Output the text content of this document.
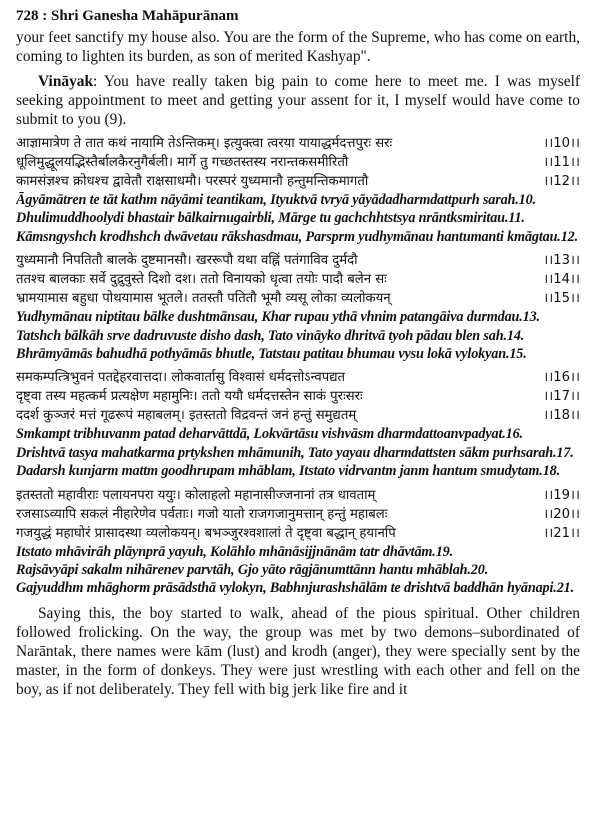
728 : Shri Ganesha Mahāpurānam

your feet sanctify my house also. You are the form of the Supreme, who has come on earth, coming to lighten its burden, as son of merited Kashyap".

Vināyak: You have really taken big pain to come here to meet me. I was myself seeking appointment to meet and getting your assent for it, I myself would have come to submit to you (9).

आज्ञामात्रेण ते तात कथं नायामि तेऽन्तिकम्। इत्युक्त्वा त्वरया यायाद्धर्मदत्तपुरः सरः	।।10।।
धूलिमुद्धूलयद्भिस्तैर्बालकैरनुगैर्बली। मार्गे तु गच्छतस्तस्य नरान्तकसमीरितौ	।।11।।
कामसंज्ञश्च क्रोधश्च द्वावेतौ राक्षसाधमौ। परस्परं युध्यमानौ हन्तुमन्तिकमागतौ	।।12।।
Āgyāmātren te tāt kathm nāyāmi teantikam, Ityuktvā tvryā yāyādadharmdattpurh sarah.10.
Dhulimuddhoolydi bhastair bālkairnugairbli, Mārge tu gachchhtstsya nrāntksmiritau.11.
Kāmsngyshch krodhshch dwāvetau rākshasdmau, Parsprm yudhymānau hantumanti kmāgtau.12.
युध्यमानौ निपतितौ बालके दुष्टमानसौ। खररूपौ यथा वह्निं पतंगाविव दुर्मदौ	।।13।।
ततश्च बालकाः सर्वे दुद्रुवुस्ते दिशो दश। ततो विनायको धृत्वा तयोः पादौ बलेन सः	।।14।।
भ्रामयामास बहुधा पोथयामास भूतले। ततस्तौ पतितौ भूमौ व्यसू लोका व्यलोकयन्	।।15।।
Yudhymānau niptitau bālke dushtmānsau, Khar rupau ythā vhnim patangāiva durmdau.13.
Tatshch bālkāh srve dadruvuste disho dash, Tato vināyko dhritvā tyoh pādau blen sah.14.
Bhrāmyāmās bahudhā pothyāmās bhutle, Tatstau patitau bhumau vysu lokā vylokyan.15.
समकम्पत्त्रिभुवनं पतद्देहरवात्तदा। लोकवार्तासु विश्वासं धर्मदत्तोऽन्वपद्यत	।।16।।
दृष्ट्वा तस्य महत्कर्म प्रत्यक्षेण महामुनिः। ततो ययौ धर्मदत्तस्तेन साकं पुरःसरः	।।17।।
ददर्श कुञ्जरं मत्तं गूढरूपं महाबलम्। इतस्ततो विद्रवन्तं जनं हन्तुं समुद्यतम्	।।18।।
Smkampt tribhuvanm patad deharvāttdā, Lokvārtāsu vishvāsm dharmdattoanvpadyat.16.
Drishtvā tasya mahatkarma prtykshen mhāmunih, Tato yayau dharmdattsten sākm purhsarah.17.
Dadarsh kunjarm mattm goodhrupam mhāblam, Itstato vidrvantm janm hantum smudytam.18.
इतस्ततो महावीराः पलायनपरा ययुः। कोलाहलो महानासीज्जनानां तत्र धावताम्	।।19।।
रजसाऽव्यापि सकलं नीहारेणेव पर्वताः। गजो यातो राजगजानुमत्तान् हन्तुं महाबलः	।।20।।
गजयुद्धं महाघोरं प्रासादस्था व्यलोकयन्। बभञ्जुरश्वशालां ते दृष्ट्वा बद्धान् हयानपि	।।21।।
Itstato mhāvirāh plāynprā yayuh, Kolāhlo mhānāsijjnānām tatr dhāvtām.19.
Rajsāvyāpi sakalm nihārenev parvtāh, Gjo yāto rāgjānumttānn hantu mhāblah.20.
Gajyuddhm mhāghorm prāsādsthā vylokyn, Babhnjurashshālām te drishtvā baddhān hyānapi.21.

Saying this, the boy started to walk, ahead of the pious spiritual. Other children followed frolicking. On the way, the group was met by two demons–subordinated of Narāntak, there names were kām (lust) and krodh (anger), they were specially sent by the master, in the form of donkeys. They were just wrestling with each other and fell on the boy, as if not deliberately. They fell with big jerk like fire and it
